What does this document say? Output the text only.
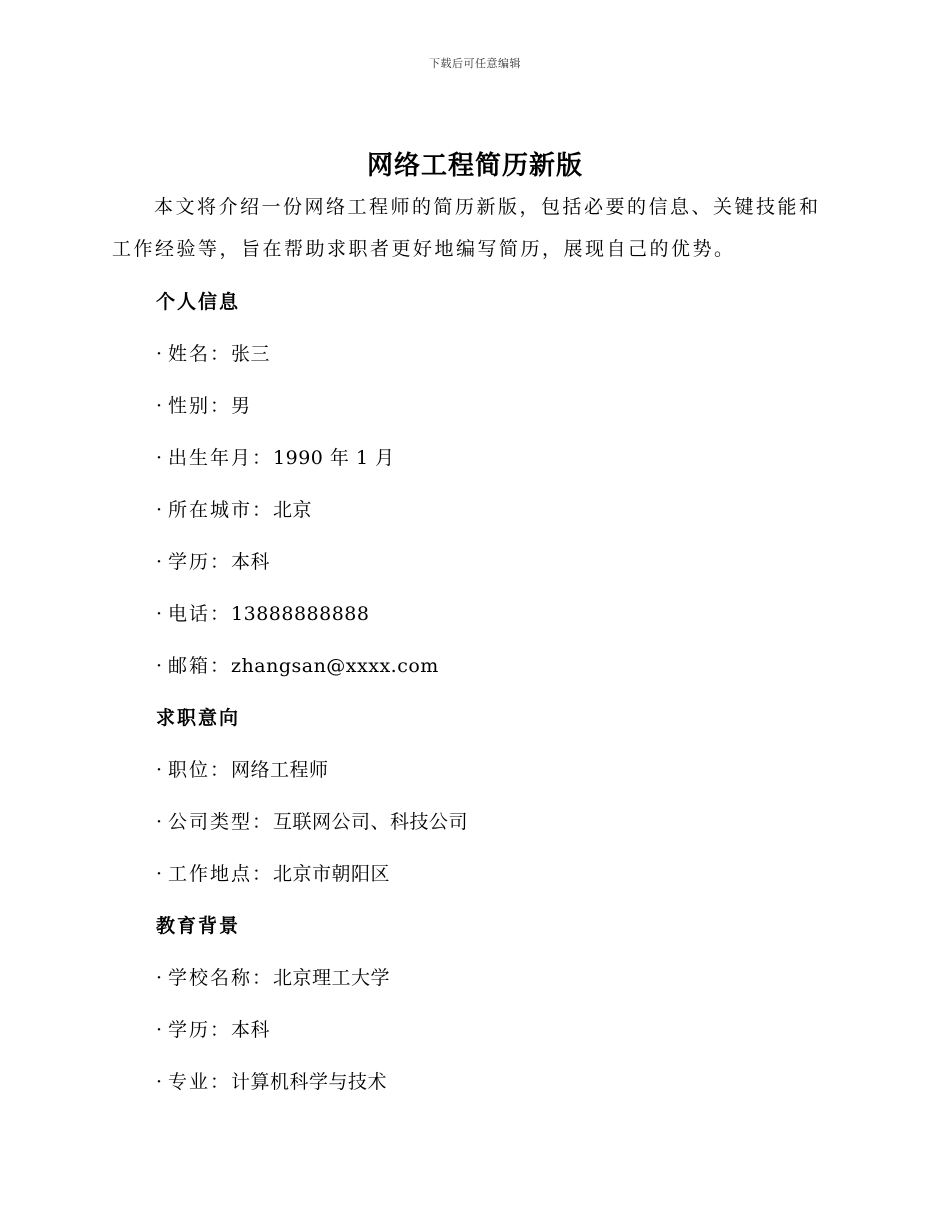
下载后可任意编辑
网络工程简历新版

本文将介绍一份网络工程师的简历新版，包括必要的信息、关键技能和工作经验等，旨在帮助求职者更好地编写简历，展现自己的优势。

个人信息
· 姓名：张三
· 性别：男
· 出生年月：1990 年 1 月
· 所在城市：北京
· 学历：本科
· 电话：13888888888
· 邮箱：zhangsan@xxxx.com
求职意向
· 职位：网络工程师
· 公司类型：互联网公司、科技公司
· 工作地点：北京市朝阳区
教育背景
· 学校名称：北京理工大学
· 学历：本科
· 专业：计算机科学与技术
